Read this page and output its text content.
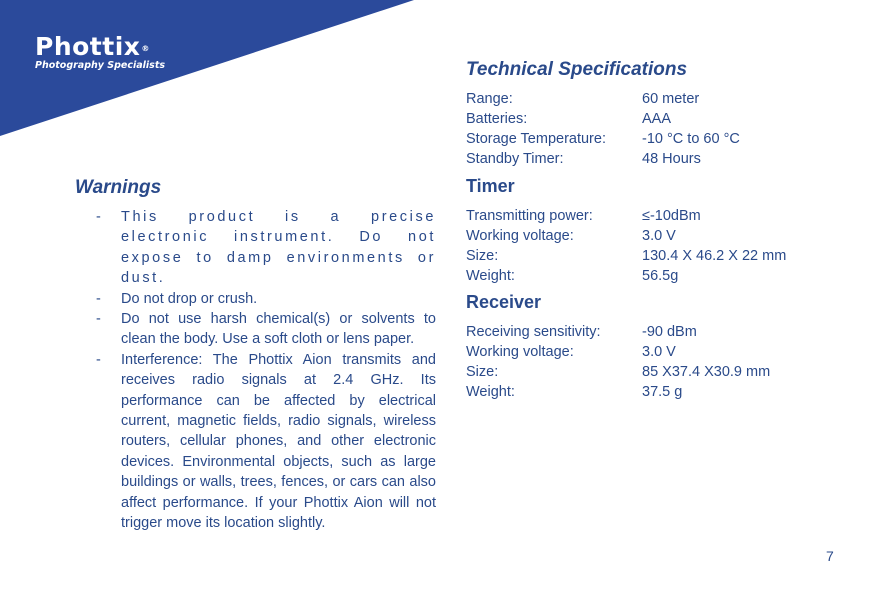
Phottix®
Photography Specialists
Warnings
- This product is a precise electronic instrument. Do not expose to damp environments or dust.
- Do not drop or crush.
- Do not use harsh chemical(s) or solvents to clean the body. Use a soft cloth or lens paper.
- Interference: The Phottix Aion transmits and receives radio signals at 2.4 GHz. Its performance can be affected by electrical current, magnetic fields, radio signals, wireless routers, cellular phones, and other electronic devices. Environmental objects, such as large buildings or walls, trees, fences, or cars can also affect performance. If your Phottix Aion will not trigger move its location slightly.
Technical Specifications
Range:	60 meter
Batteries:	AAA
Storage Temperature:	-10 °C to 60 °C
Standby Timer:	48 Hours
Timer
Transmitting power:	≤-10dBm
Working voltage:	3.0 V
Size:	130.4 X 46.2 X 22 mm
Weight:	56.5g
Receiver
Receiving sensitivity:	-90 dBm
Working voltage:	3.0 V
Size:	85 X37.4 X30.9 mm
Weight:	37.5 g
7
